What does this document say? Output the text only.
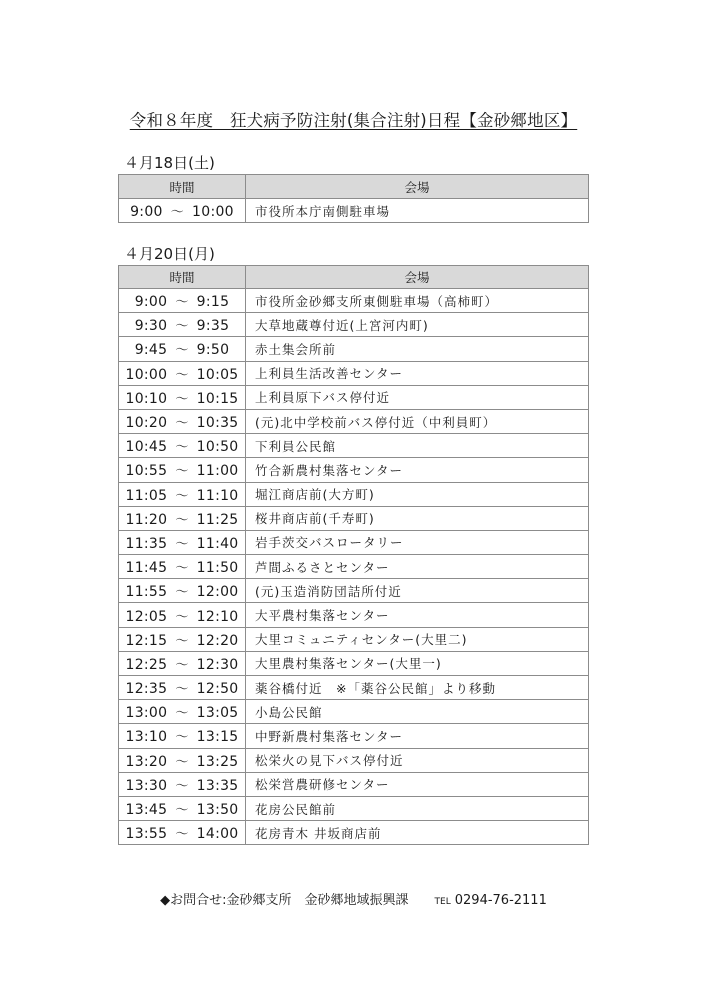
令和８年度　狂犬病予防注射(集合注射)日程【金砂郷地区】
４月18日(土)
時間	会場
9:00 ～ 10:00	市役所本庁南側駐車場
４月20日(月)
時間	会場
9:00 ～ 9:15	市役所金砂郷支所東側駐車場（高柿町）
9:30 ～ 9:35	大草地蔵尊付近(上宮河内町)
9:45 ～ 9:50	赤土集会所前
10:00 ～ 10:05	上利員生活改善センター
10:10 ～ 10:15	上利員原下バス停付近
10:20 ～ 10:35	(元)北中学校前バス停付近（中利員町）
10:45 ～ 10:50	下利員公民館
10:55 ～ 11:00	竹合新農村集落センター
11:05 ～ 11:10	堀江商店前(大方町)
11:20 ～ 11:25	桜井商店前(千寿町)
11:35 ～ 11:40	岩手茨交バスロータリー
11:45 ～ 11:50	芦間ふるさとセンター
11:55 ～ 12:00	(元)玉造消防団詰所付近
12:05 ～ 12:10	大平農村集落センター
12:15 ～ 12:20	大里コミュニティセンター(大里二)
12:25 ～ 12:30	大里農村集落センター(大里一)
12:35 ～ 12:50	薬谷橋付近　※「薬谷公民館」より移動
13:00 ～ 13:05	小島公民館
13:10 ～ 13:15	中野新農村集落センター
13:20 ～ 13:25	松栄火の見下バス停付近
13:30 ～ 13:35	松栄営農研修センター
13:45 ～ 13:50	花房公民館前
13:55 ～ 14:00	花房青木 井坂商店前
◆お問合せ:金砂郷支所　金砂郷地域振興課	TEL 0294-76-2111
